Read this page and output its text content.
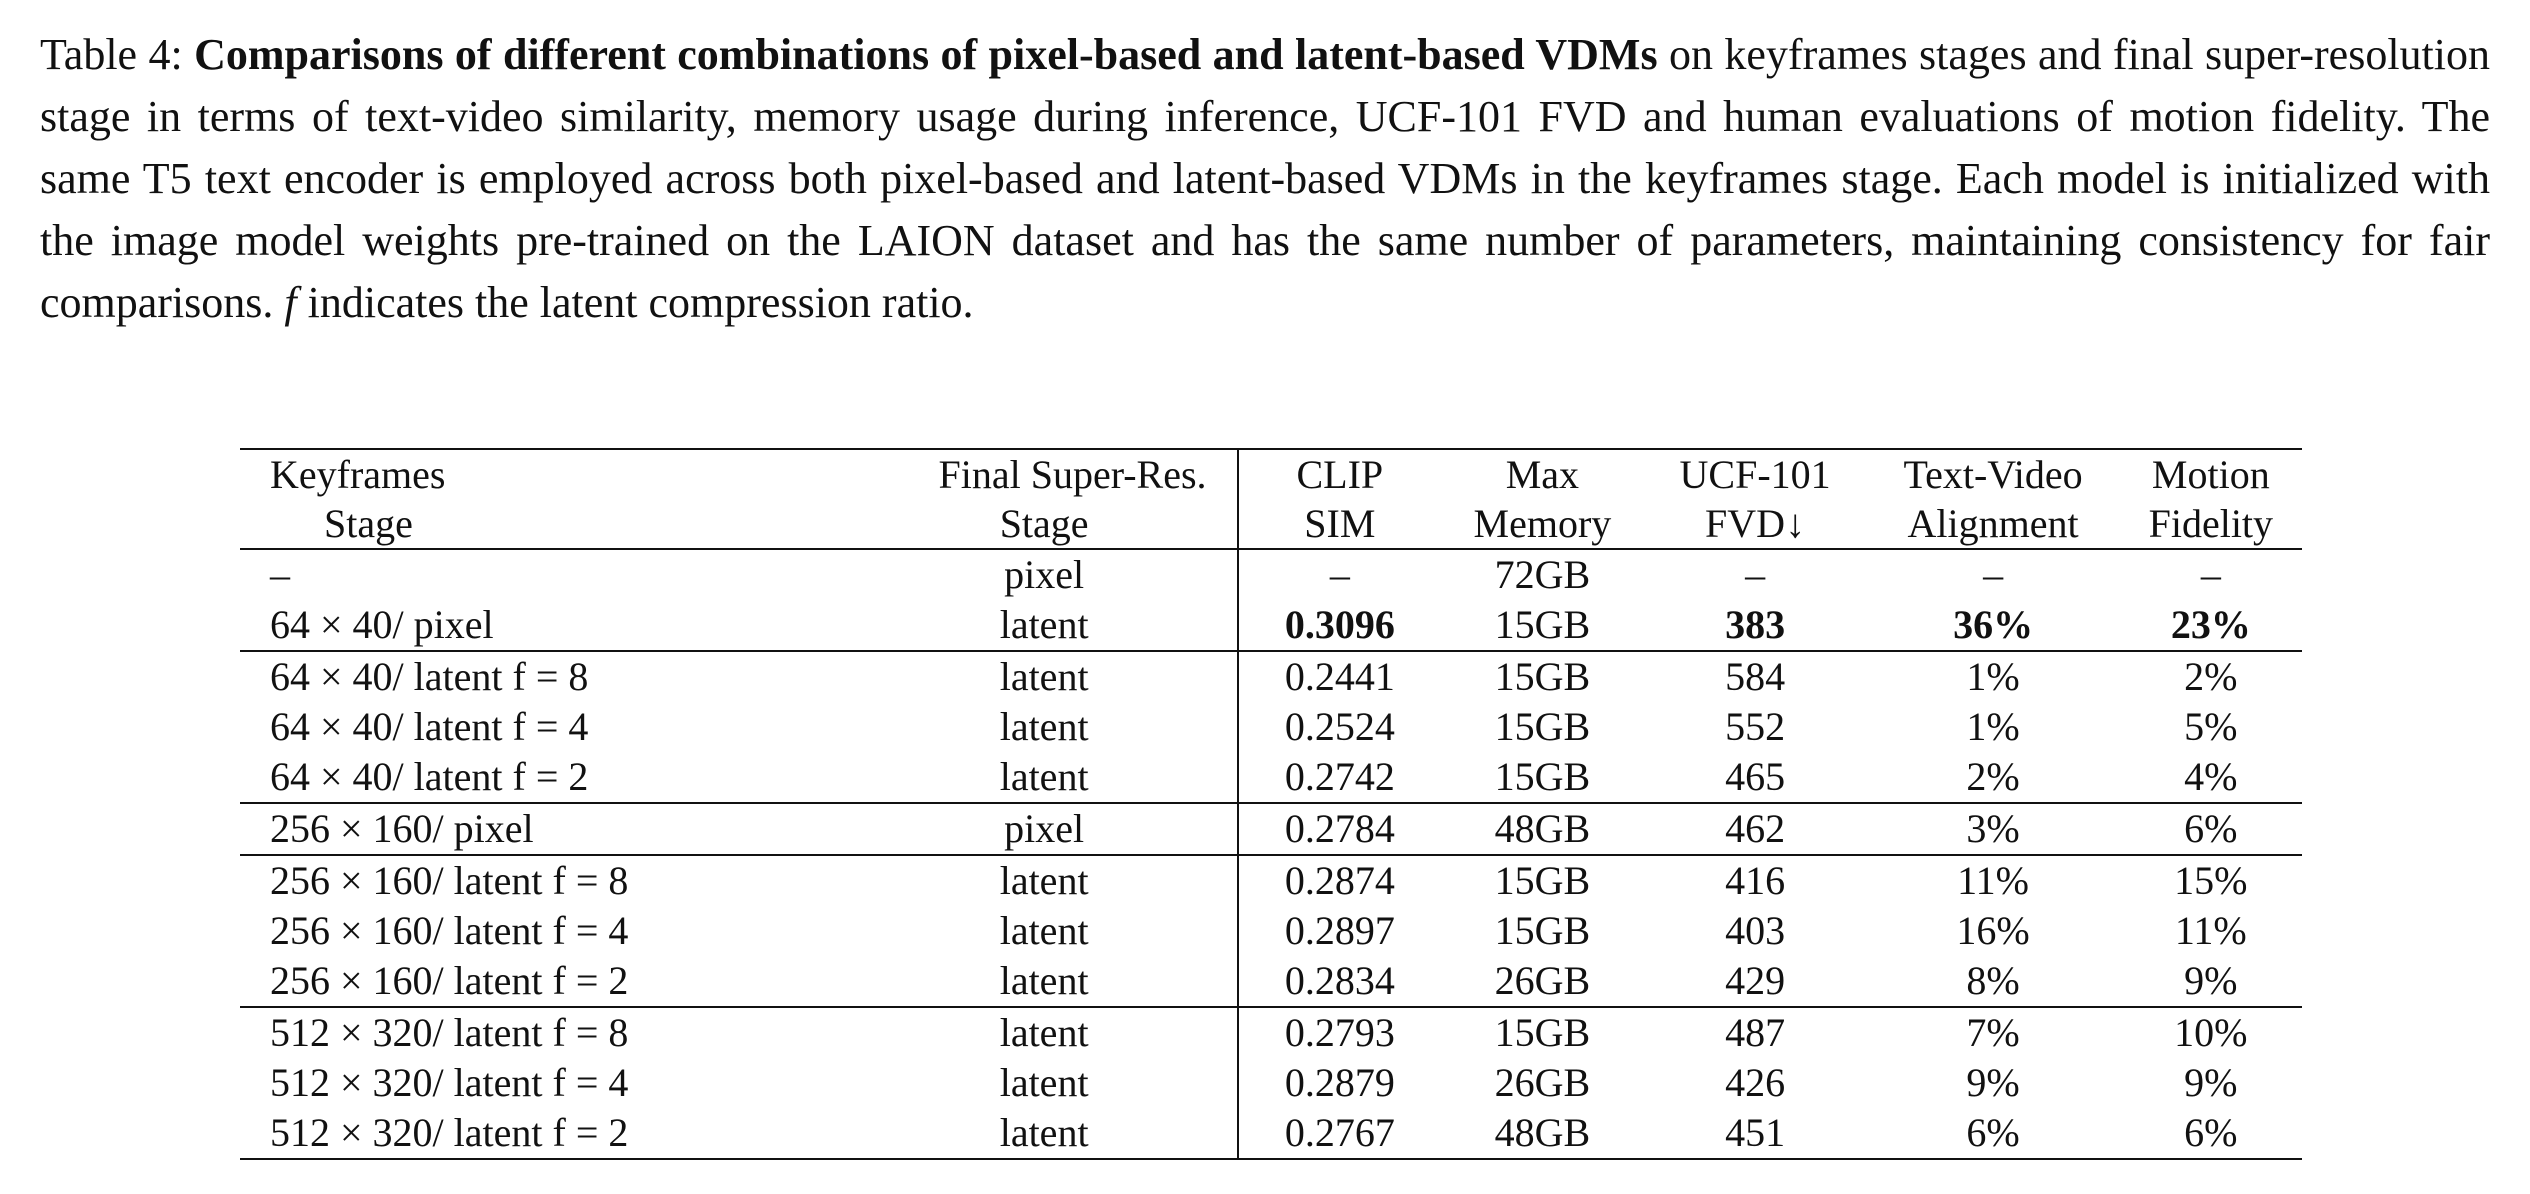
Table 4: Comparisons of different combinations of pixel-based and latent-based VDMs on keyframes stages and final super-resolution stage in terms of text-video similarity, memory usage during inference, UCF-101 FVD and human evaluations of motion fidelity. The same T5 text encoder is employed across both pixel-based and latent-based VDMs in the keyframes stage. Each model is initialized with the image model weights pre-trained on the LAION dataset and has the same number of parameters, maintaining consistency for fair comparisons. f indicates the latent compression ratio.
Keyframes	Final Super-Res.	CLIP	Max	UCF-101	Text-Video	Motion
Stage	Stage	SIM	Memory	FVD↓	Alignment	Fidelity
–	pixel	–	72GB	–	–	–
64 × 40/ pixel	latent	0.3096	15GB	383	36%	23%
64 × 40/ latent f = 8	latent	0.2441	15GB	584	1%	2%
64 × 40/ latent f = 4	latent	0.2524	15GB	552	1%	5%
64 × 40/ latent f = 2	latent	0.2742	15GB	465	2%	4%
256 × 160/ pixel	pixel	0.2784	48GB	462	3%	6%
256 × 160/ latent f = 8	latent	0.2874	15GB	416	11%	15%
256 × 160/ latent f = 4	latent	0.2897	15GB	403	16%	11%
256 × 160/ latent f = 2	latent	0.2834	26GB	429	8%	9%
512 × 320/ latent f = 8	latent	0.2793	15GB	487	7%	10%
512 × 320/ latent f = 4	latent	0.2879	26GB	426	9%	9%
512 × 320/ latent f = 2	latent	0.2767	48GB	451	6%	6%
